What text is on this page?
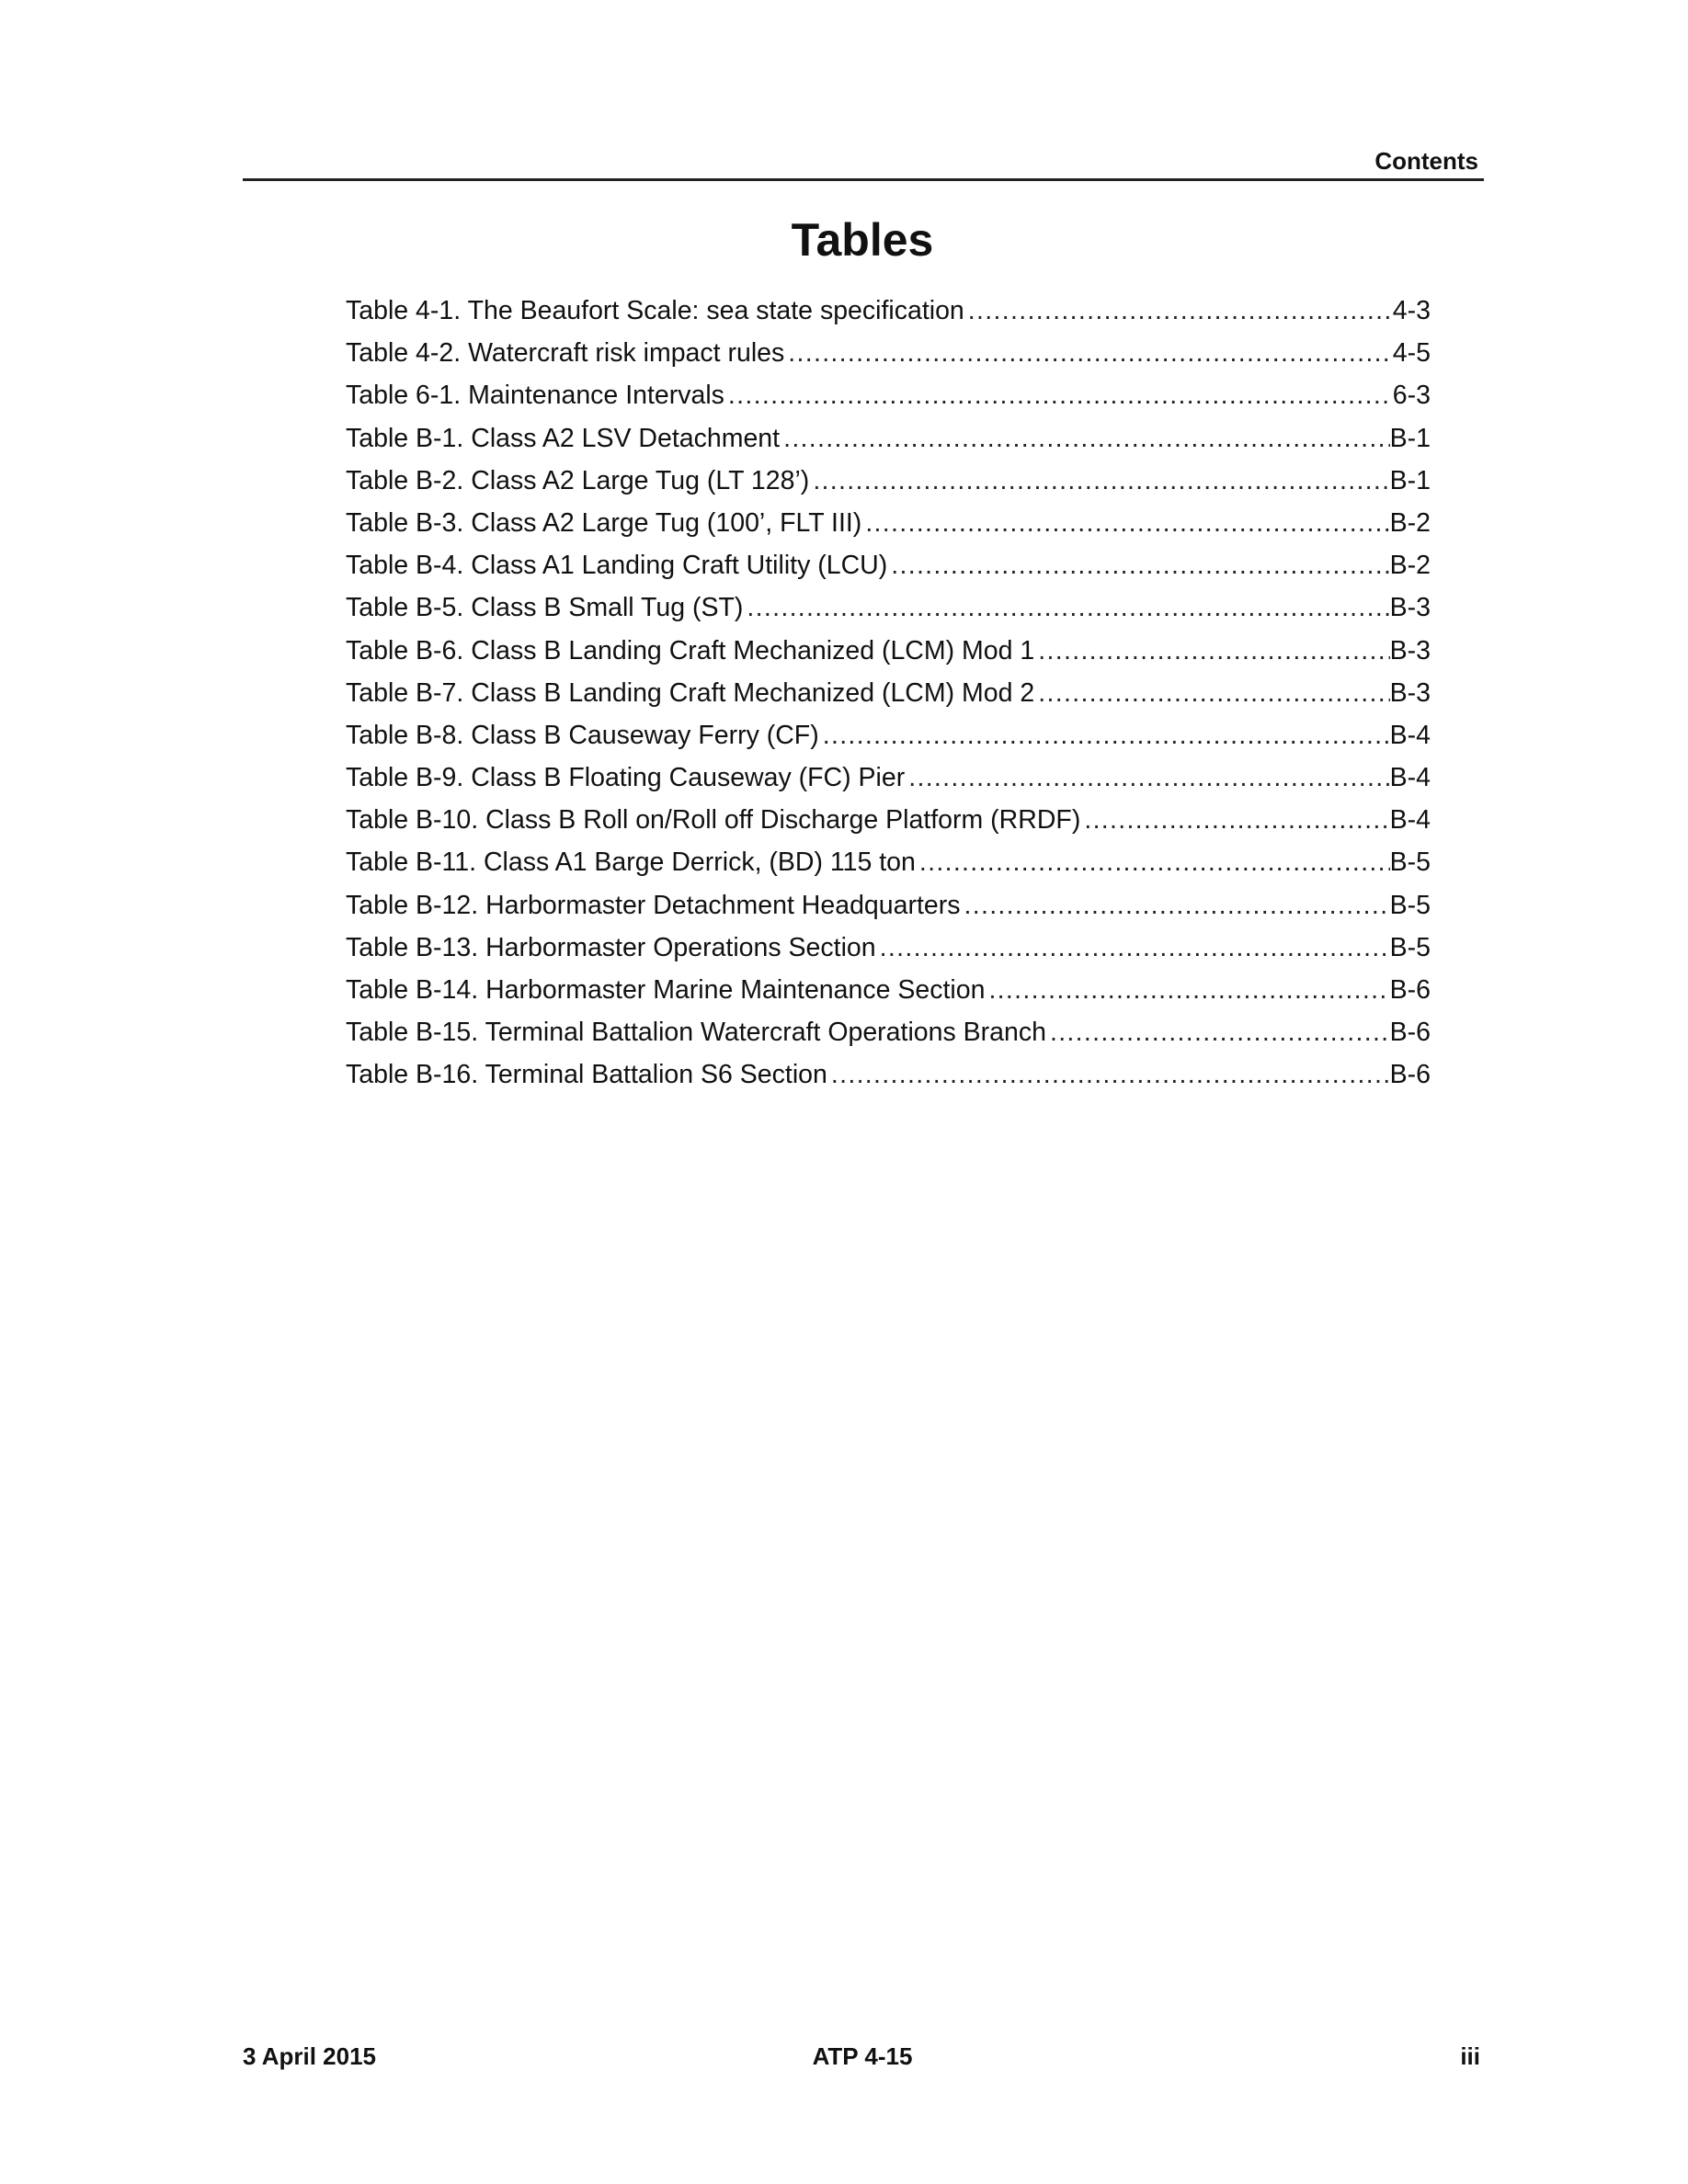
Contents
Tables
Table 4-1. The Beaufort Scale: sea state specification . . .	4-3
Table 4-2. Watercraft risk impact rules . . .	4-5
Table 6-1. Maintenance Intervals . . .	6-3
Table B-1. Class A2 LSV Detachment . . .	B-1
Table B-2. Class A2 Large Tug (LT 128’) . . .	B-1
Table B-3. Class A2 Large Tug (100’, FLT III) . . .	B-2
Table B-4. Class A1 Landing Craft Utility (LCU) . . .	B-2
Table B-5. Class B Small Tug (ST) . . .	B-3
Table B-6. Class B Landing Craft Mechanized (LCM) Mod 1 . . .	B-3
Table B-7. Class B Landing Craft Mechanized (LCM) Mod 2 . . .	B-3
Table B-8. Class B Causeway Ferry (CF) . . .	B-4
Table B-9. Class B Floating Causeway (FC) Pier . . .	B-4
Table B-10. Class B Roll on/Roll off Discharge Platform (RRDF) . . .	B-4
Table B-11. Class A1 Barge Derrick, (BD) 115 ton . . .	B-5
Table B-12. Harbormaster Detachment Headquarters . . .	B-5
Table B-13. Harbormaster Operations Section . . .	B-5
Table B-14. Harbormaster Marine Maintenance Section . . .	B-6
Table B-15. Terminal Battalion Watercraft Operations Branch . . .	B-6
Table B-16. Terminal Battalion S6 Section . . .	B-6
3 April 2015	ATP 4-15	iii
